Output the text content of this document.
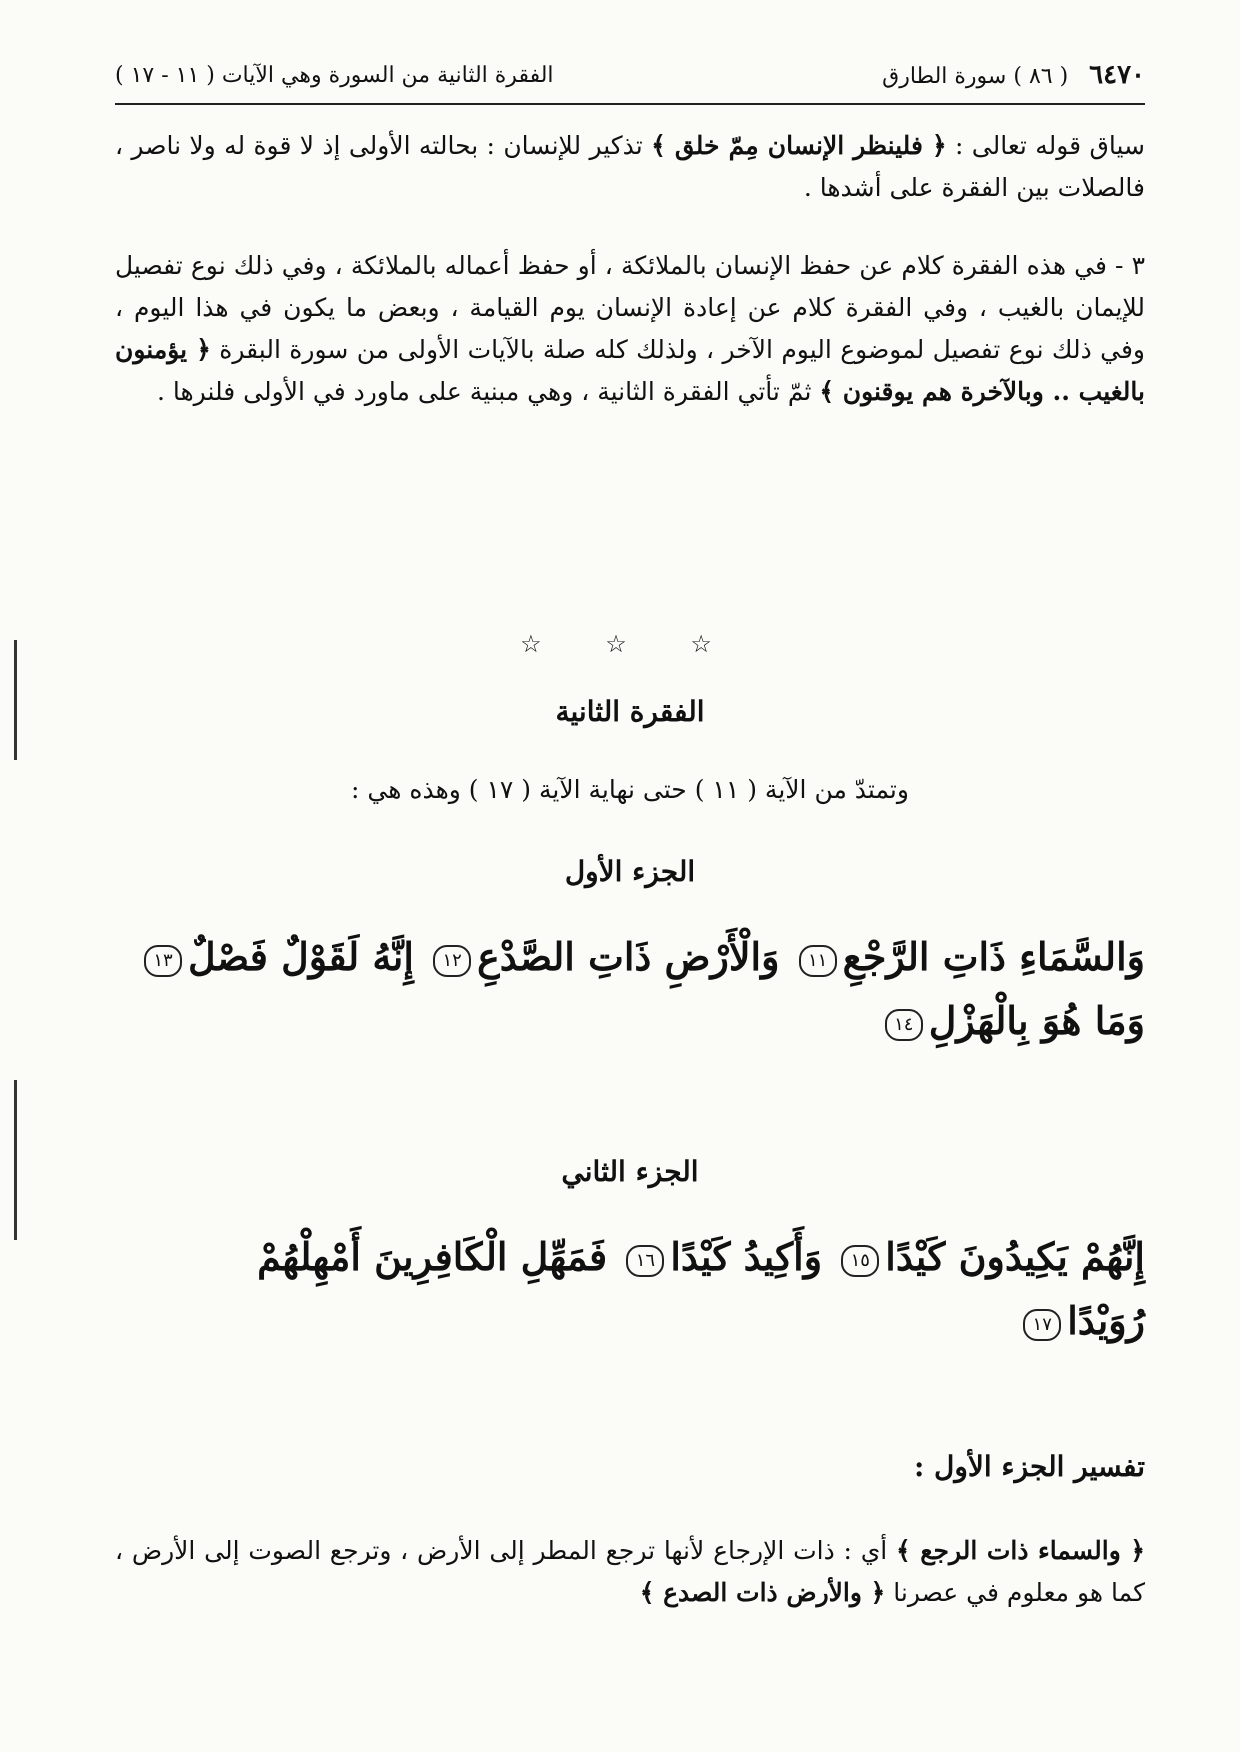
٦٤٧٠   ( ٨٦ ) سورة الطارق
الفقرة الثانية من السورة وهي الآيات ( ١١ - ١٧ )

سياق قوله تعالى : ﴿ فلينظر الإنسان مِمّ خلق ﴾ تذكير للإنسان : بحالته الأولى إذ لا قوة له ولا ناصر ، فالصلات بين الفقرة على أشدها .

٣ - في هذه الفقرة كلام عن حفظ الإنسان بالملائكة ، أو حفظ أعماله بالملائكة ، وفي ذلك نوع تفصيل للإيمان بالغيب ، وفي الفقرة كلام عن إعادة الإنسان يوم القيامة ، وبعض ما يكون في هذا اليوم ، وفي ذلك نوع تفصيل لموضوع اليوم الآخر ، ولذلك كله صلة بالآيات الأولى من سورة البقرة ﴿ يؤمنون بالغيب .. وبالآخرة هم يوقنون ﴾ ثمّ تأتي الفقرة الثانية ، وهي مبنية على ماورد في الأولى فلنرها .

☆ ☆ ☆
الفقرة الثانية
وتمتدّ من الآية ( ١١ ) حتى نهاية الآية ( ١٧ ) وهذه هي :
الجزء الأول
وَالسَّمَاءِ ذَاتِ الرَّجْعِ١١ وَالْأَرْضِ ذَاتِ الصَّدْعِ١٢ إِنَّهُ لَقَوْلٌ فَصْلٌ١٣
وَمَا هُوَ بِالْهَزْلِ١٤
الجزء الثاني
إِنَّهُمْ يَكِيدُونَ كَيْدًا١٥ وَأَكِيدُ كَيْدًا١٦ فَمَهِّلِ الْكَافِرِينَ أَمْهِلْهُمْ
رُوَيْدًا١٧
تفسير الجزء الأول :

﴿ والسماء ذات الرجع ﴾ أي : ذات الإرجاع لأنها ترجع المطر إلى الأرض ، وترجع الصوت إلى الأرض ، كما هو معلوم في عصرنا ﴿ والأرض ذات الصدع ﴾
